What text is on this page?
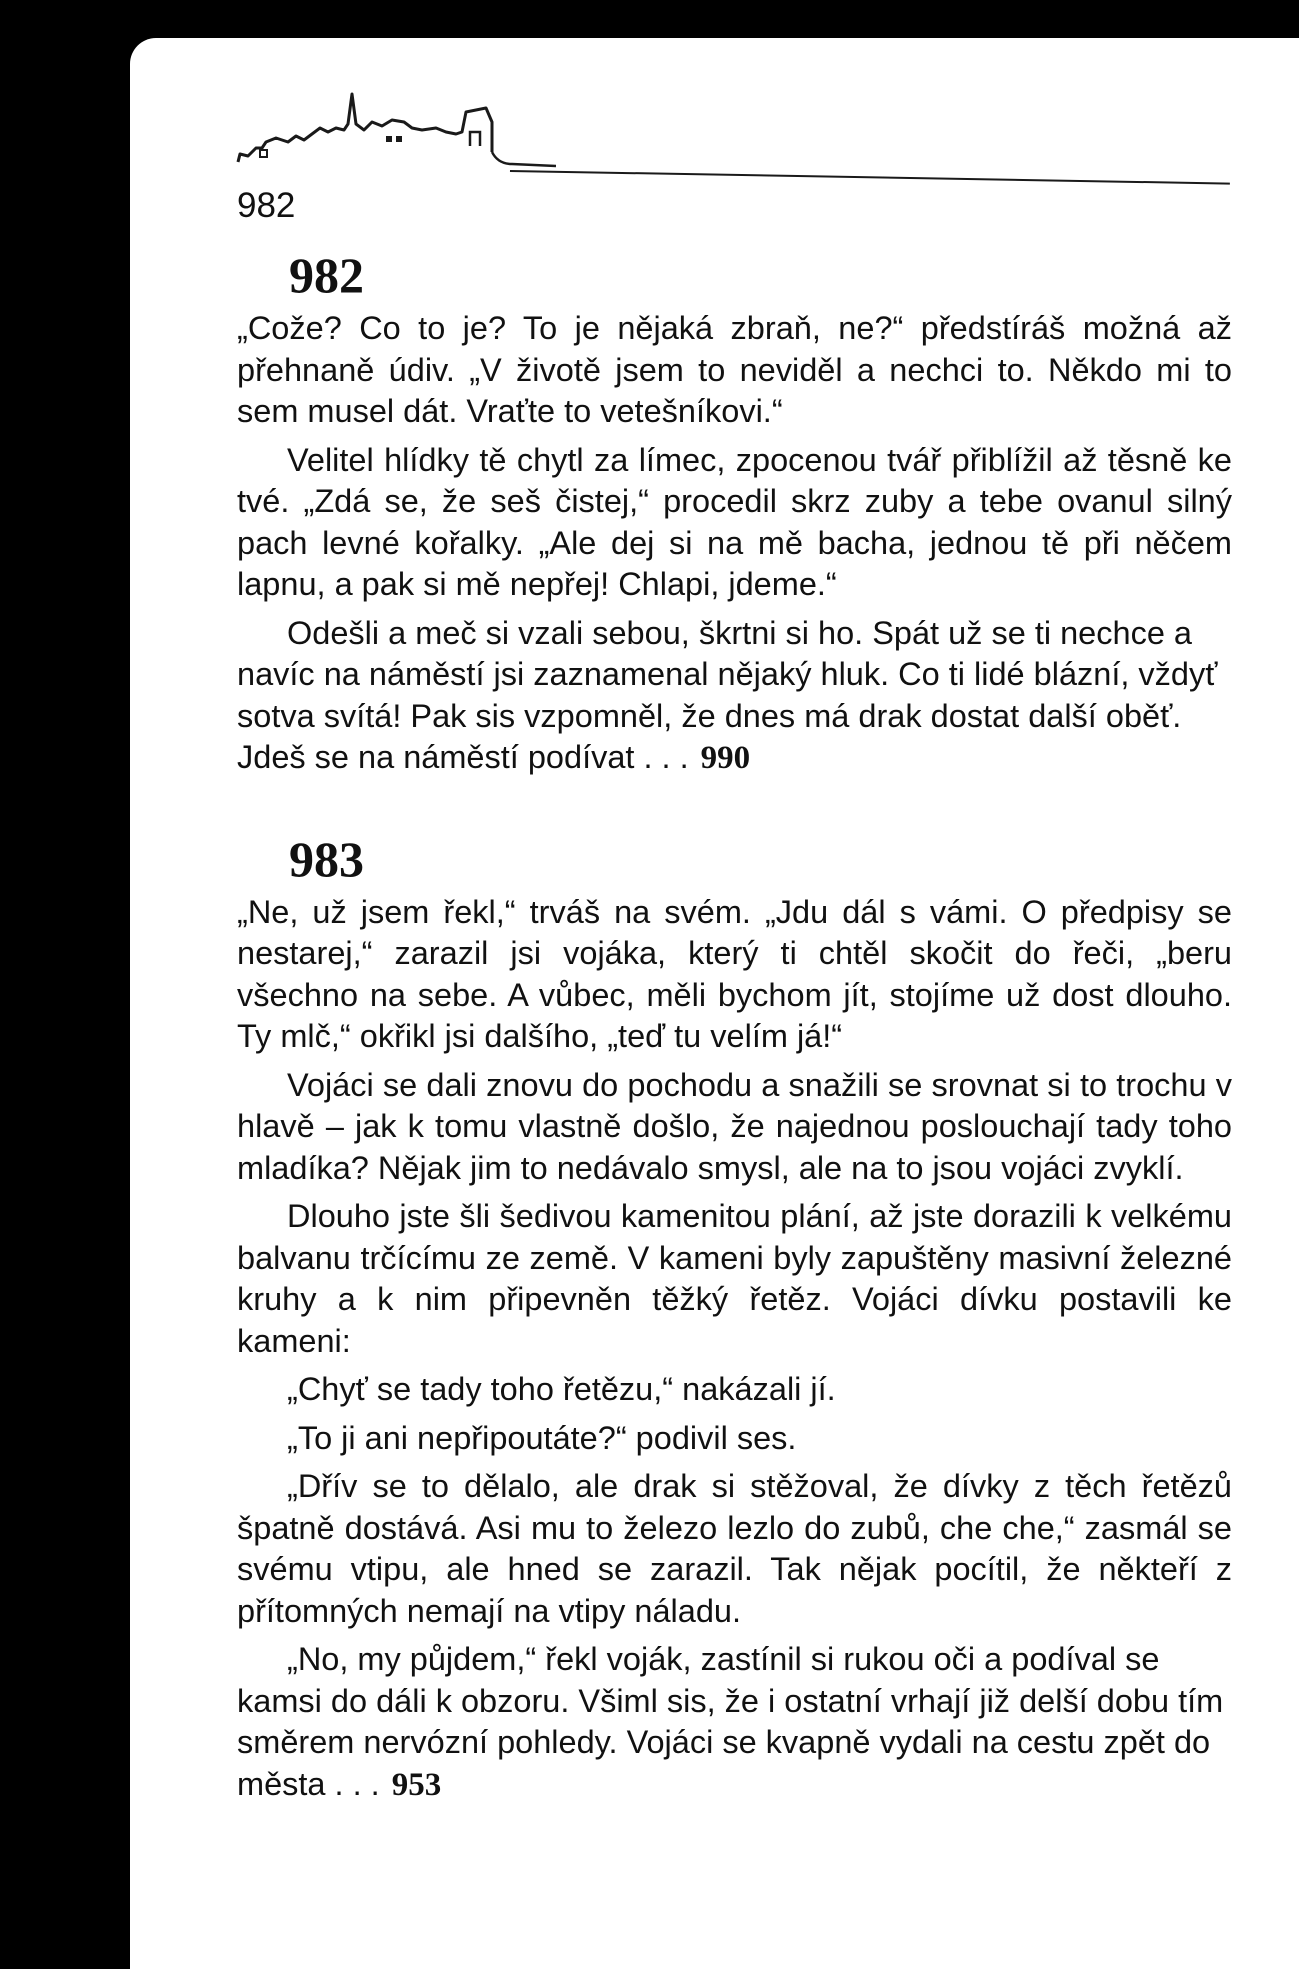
982
982

„Cože? Co to je? To je nějaká zbraň, ne?“ předstíráš možná až přehnaně údiv. „V životě jsem to neviděl a nechci to. Někdo mi to sem musel dát. Vraťte to vetešníkovi.“

Velitel hlídky tě chytl za límec, zpocenou tvář přiblížil až těsně ke tvé. „Zdá se, že seš čistej,“ procedil skrz zuby a tebe ovanul silný pach levné kořalky. „Ale dej si na mě bacha, jednou tě při něčem lapnu, a pak si mě nepřej! Chlapi, jdeme.“

Odešli a meč si vzali sebou, škrtni si ho. Spát už se ti nechce a navíc na náměstí jsi zaznamenal nějaký hluk. Co ti lidé blázní, vždyť sotva svítá! Pak sis vzpomněl, že dnes má drak dostat další oběť. Jdeš se na náměstí podívat . . . 990

983

„Ne, už jsem řekl,“ trváš na svém. „Jdu dál s vámi. O předpisy se nestarej,“ zarazil jsi vojáka, který ti chtěl skočit do řeči, „beru všechno na sebe. A vůbec, měli bychom jít, stojíme už dost dlouho. Ty mlč,“ okřikl jsi dalšího, „teď tu velím já!“

Vojáci se dali znovu do pochodu a snažili se srovnat si to trochu v hlavě – jak k tomu vlastně došlo, že najednou poslouchají tady toho mladíka? Nějak jim to nedávalo smysl, ale na to jsou vojáci zvyklí.

Dlouho jste šli šedivou kamenitou plání, až jste dorazili k velkému balvanu trčícímu ze země. V kameni byly zapuštěny masivní železné kruhy a k nim připevněn těžký řetěz. Vojáci dívku postavili ke kameni:

„Chyť se tady toho řetězu,“ nakázali jí.

„To ji ani nepřipoutáte?“ podivil ses.

„Dřív se to dělalo, ale drak si stěžoval, že dívky z těch řetězů špatně dostává. Asi mu to železo lezlo do zubů, che che,“ zasmál se svému vtipu, ale hned se zarazil. Tak nějak pocítil, že někteří z přítomných nemají na vtipy náladu.

„No, my půjdem,“ řekl voják, zastínil si rukou oči a podíval se kamsi do dáli k obzoru. Všiml sis, že i ostatní vrhají již delší dobu tím směrem nervózní pohledy. Vojáci se kvapně vydali na cestu zpět do města . . . 953
